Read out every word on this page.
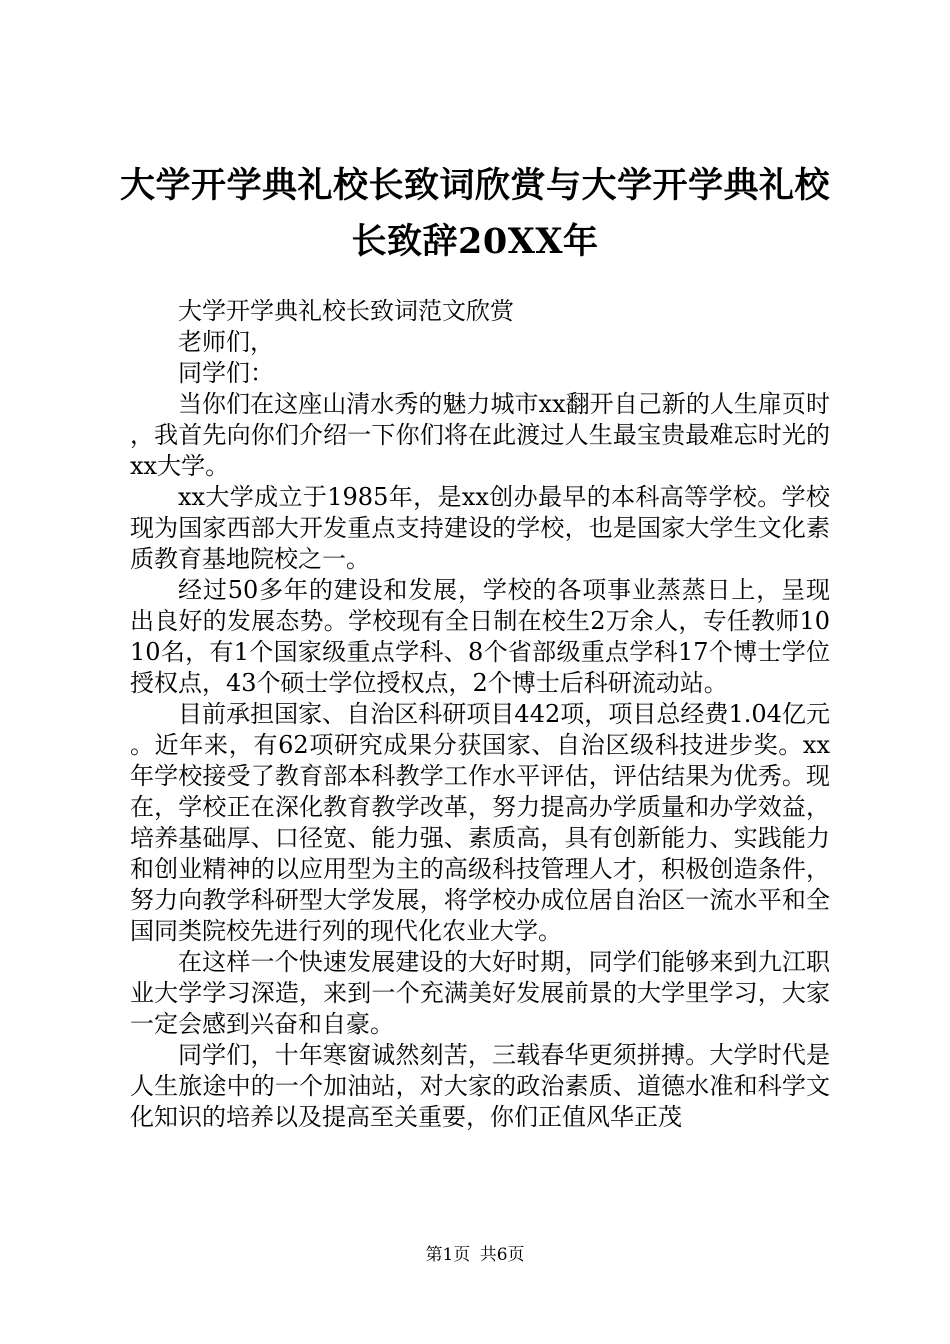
大学开学典礼校长致词欣赏与大学开学典礼校
长致辞20XX年

大学开学典礼校长致词范文欣赏

老师们，

同学们：

当你们在这座山清水秀的魅力城市xx翻开自己新的人生扉页时，我首先向你们介绍一下你们将在此渡过人生最宝贵最难忘时光的xx大学。

xx大学成立于1985年，是xx创办最早的本科高等学校。学校现为国家西部大开发重点支持建设的学校，也是国家大学生文化素质教育基地院校之一。

经过50多年的建设和发展，学校的各项事业蒸蒸日上，呈现出良好的发展态势。学校现有全日制在校生2万余人，专任教师1010名，有1个国家级重点学科、8个省部级重点学科17个博士学位授权点，43个硕士学位授权点，2个博士后科研流动站。

目前承担国家、自治区科研项目442项，项目总经费1.04亿元。近年来，有62项研究成果分获国家、自治区级科技进步奖。xx年学校接受了教育部本科教学工作水平评估，评估结果为优秀。现在，学校正在深化教育教学改革，努力提高办学质量和办学效益，培养基础厚、口径宽、能力强、素质高，具有创新能力、实践能力和创业精神的以应用型为主的高级科技管理人才，积极创造条件，努力向教学科研型大学发展，将学校办成位居自治区一流水平和全国同类院校先进行列的现代化农业大学。

在这样一个快速发展建设的大好时期，同学们能够来到九江职业大学学习深造，来到一个充满美好发展前景的大学里学习，大家一定会感到兴奋和自豪。

同学们，十年寒窗诚然刻苦，三载春华更须拼搏。大学时代是人生旅途中的一个加油站，对大家的政治素质、道德水准和科学文化知识的培养以及提高至关重要，你们正值风华正茂

第1页 共6页
